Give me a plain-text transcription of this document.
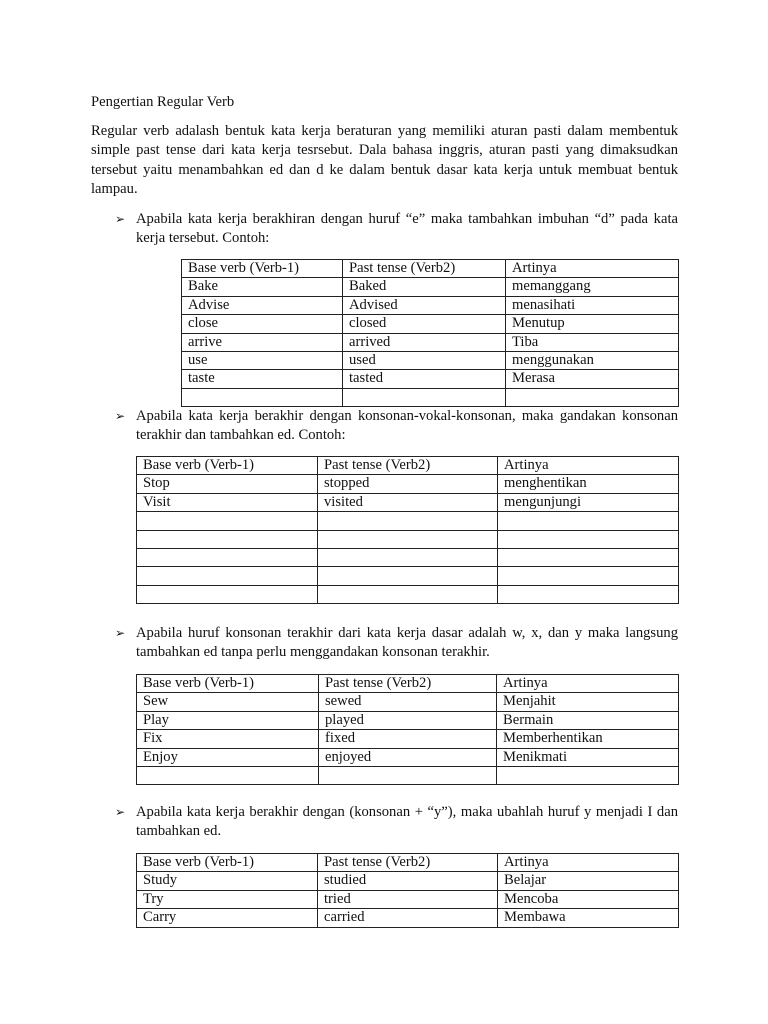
Pengertian Regular Verb
Regular verb adalash bentuk kata kerja beraturan yang memiliki aturan pasti dalam membentuk simple past tense dari kata kerja tesrsebut. Dala bahasa inggris, aturan pasti yang dimaksudkan tersebut yaitu menambahkan ed dan d ke dalam bentuk dasar kata kerja untuk membuat bentuk lampau.
➢ Apabila kata kerja berakhiran dengan huruf “e” maka tambahkan imbuhan “d” pada kata kerja tersebut. Contoh:
Base verb (Verb-1)	Past tense (Verb2)	Artinya
Bake	Baked	memanggang
Advise	Advised	menasihati
close	closed	Menutup
arrive	arrived	Tiba
use	used	menggunakan
taste	tasted	Merasa

➢ Apabila kata kerja berakhir dengan konsonan-vokal-konsonan, maka gandakan konsonan terakhir dan tambahkan ed. Contoh:
Base verb (Verb-1)	Past tense (Verb2)	Artinya
Stop	stopped	menghentikan
Visit	visited	mengunjungi

➢ Apabila huruf konsonan terakhir dari kata kerja dasar adalah w, x, dan y maka langsung tambahkan ed tanpa perlu menggandakan konsonan terakhir.
Base verb (Verb-1)	Past tense (Verb2)	Artinya
Sew	sewed	Menjahit
Play	played	Bermain
Fix	fixed	Memberhentikan
Enjoy	enjoyed	Menikmati

➢ Apabila kata kerja berakhir dengan (konsonan + “y”), maka ubahlah huruf y menjadi I dan tambahkan ed.
Base verb (Verb-1)	Past tense (Verb2)	Artinya
Study	studied	Belajar
Try	tried	Mencoba
Carry	carried	Membawa
